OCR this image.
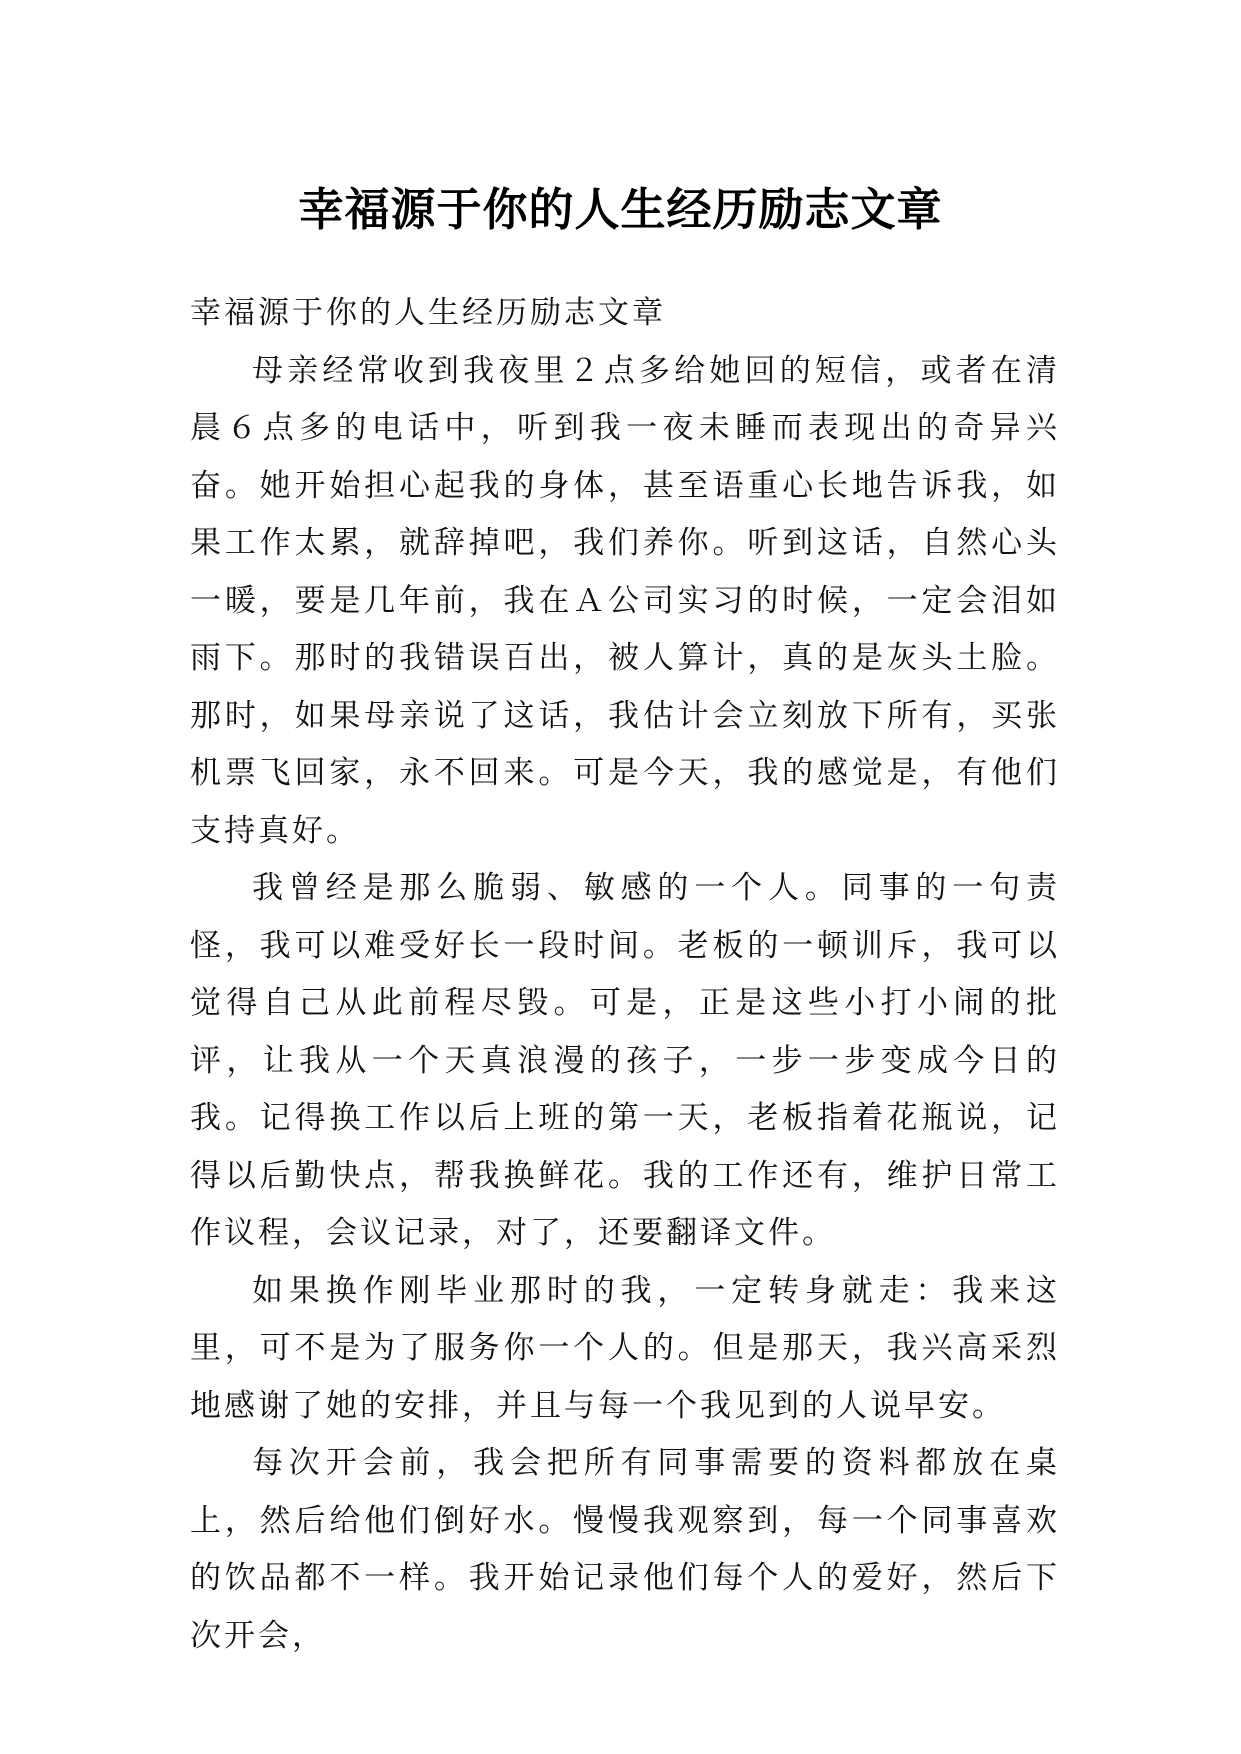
幸福源于你的人生经历励志文章

幸福源于你的人生经历励志文章

母亲经常收到我夜里２点多给她回的短信，或者在清晨６点多的电话中，听到我一夜未睡而表现出的奇异兴奋。她开始担心起我的身体，甚至语重心长地告诉我，如果工作太累，就辞掉吧，我们养你。听到这话，自然心头一暖，要是几年前，我在Ａ公司实习的时候，一定会泪如雨下。那时的我错误百出，被人算计，真的是灰头土脸。那时，如果母亲说了这话，我估计会立刻放下所有，买张机票飞回家，永不回来。可是今天，我的感觉是，有他们支持真好。

我曾经是那么脆弱、敏感的一个人。同事的一句责怪，我可以难受好长一段时间。老板的一顿训斥，我可以觉得自己从此前程尽毁。可是，正是这些小打小闹的批评，让我从一个天真浪漫的孩子，一步一步变成今日的我。记得换工作以后上班的第一天，老板指着花瓶说，记得以后勤快点，帮我换鲜花。我的工作还有，维护日常工作议程，会议记录，对了，还要翻译文件。

如果换作刚毕业那时的我，一定转身就走：我来这里，可不是为了服务你一个人的。但是那天，我兴高采烈地感谢了她的安排，并且与每一个我见到的人说早安。

每次开会前，我会把所有同事需要的资料都放在桌上，然后给他们倒好水。慢慢我观察到，每一个同事喜欢的饮品都不一样。我开始记录他们每个人的爱好，然后下次开会，
